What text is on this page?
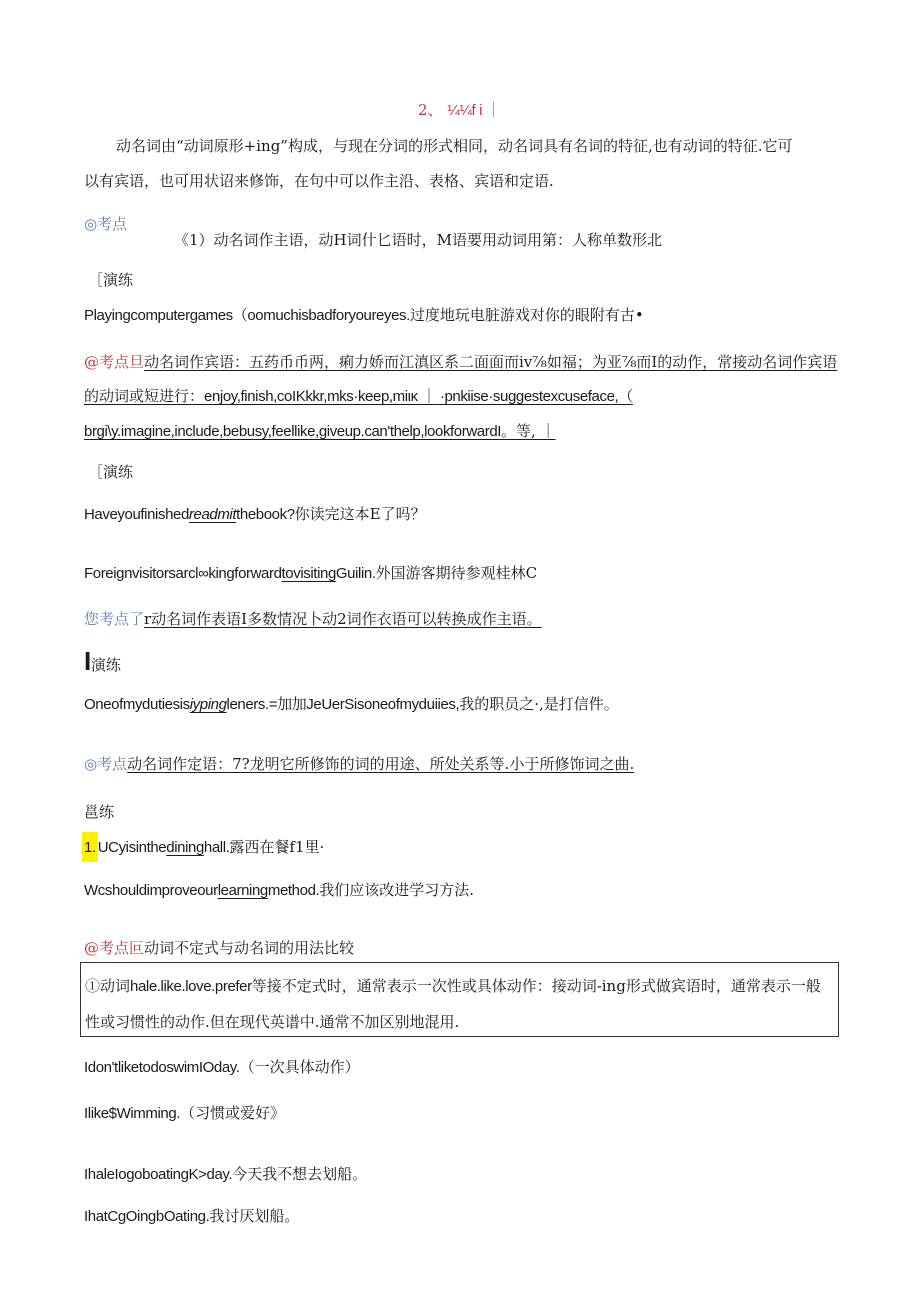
2、 ¼¼f i ｜
动名词由“动词原形+ing”构成，与现在分词的形式相同，动名词具有名词的特征,也有动词的特征.它可
以有宾语，也可用状诏来修饰，在句中可以作主沿、表格、宾语和定语.
◎考点
《1）动名词作主语，动H词什匕语时，M语要用动词用第：人称单数形北
［演练
Playingcomputergames（oomuchisbadforyoureyes.过度地玩电脏游戏对你的眼附有古•
@考点旦动名词作宾语：五药币币两，痢力娇而江滇区系二面面而ⅳ⅞如福；为亚⅞而I的动作，常接动名词作宾语
的动词或短进行：enjoy,finish,coIKkkr,mks·keep,miικ ｜ ·pnkiise·suggestexcuseface,（
brgi\y.imagine,include,bebusy,feellike,giveup.can'thelp,lookforwardI。等, ｜
［演练
Haveyoufinishedreadmitthebook?你读完这本E了吗？
Foreignvisitorsarcl∞kingforwardtovisitingGuilin.外国游客期待参观桂林C
您考点了r动名词作表语I多数情况卜动2词作衣语可以转换成作主语。
I演练
Oneofmydutiesisiypingleners.=加加JeUerSisoneofmyduiies,我的职员之·,是打信件。
◎考点动名词作定语：7?龙明它所修饰的词的用途、所处关系等.小于所修饰词之曲.
邕练
1. UCyisinthedininghall.露西在餐f1里·
Wcshouldimproveourlearningmethod.我们应该改进学习方法.
@考点叵动词不定式与动名词的用法比较
①动词hale.like.love.prefer等接不定式时，通常表示一次性或具体动作：接动词-ing形式做宾语时，通常表示一般
性或习惯性的动作.但在现代英谱中.通常不加区别地混用.
Idon'tliketodoswimIOday.（一次具体动作）
Ilike$Wimming.（习惯或爱好》
IhaleIogoboatingK>day.今天我不想去划船。
IhatCgOingbOating.我讨厌划船。
